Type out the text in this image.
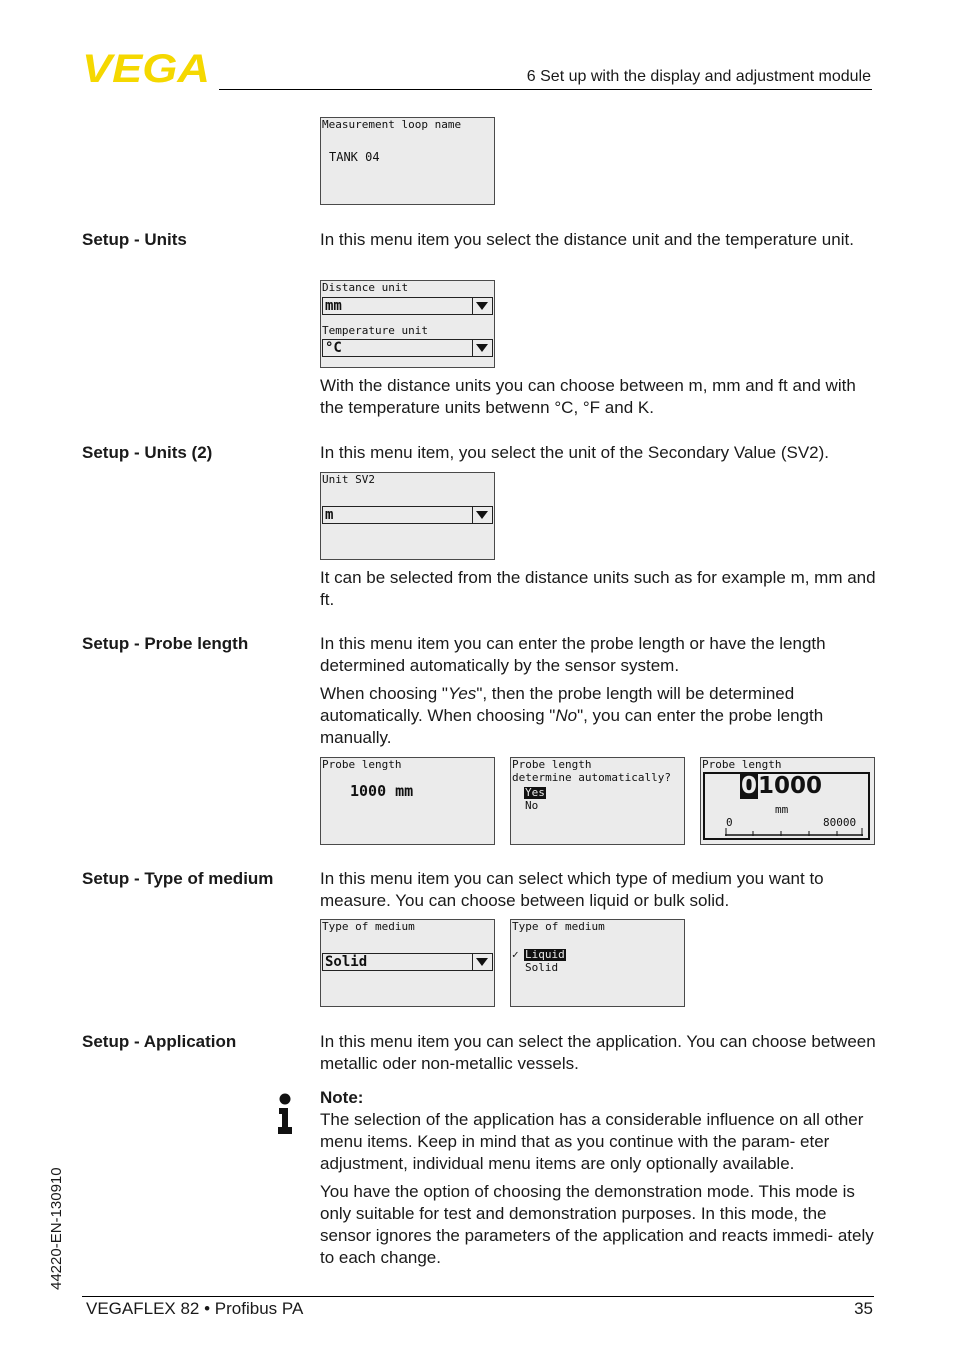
VEGA	6 Set up with the display and adjustment module
Measurement loop name
TANK 04
Setup - Units	In this menu item you select the distance unit and the temperature unit.
Distance unit
mm
Temperature unit
°C
With the distance units you can choose between m, mm and ft and with the temperature units betwenn °C, °F and K.
Setup - Units (2)	In this menu item, you select the unit of the Secondary Value (SV2).
Unit SV2
m
It can be selected from the distance units such as for example m, mm and ft.
Setup - Probe length	In this menu item you can enter the probe length or have the length determined automatically by the sensor system.
When choosing "Yes", then the probe length will be determined automatically. When choosing "No", you can enter the probe length manually.
Probe length
1000 mm
Probe length
determine automatically?
Yes
No
Probe length
0 1000
mm
0	80000
Setup - Type of medium	In this menu item you can select which type of medium you want to measure. You can choose between liquid or bulk solid.
Type of medium
Solid
Type of medium
✓ Liquid
Solid
Setup - Application	In this menu item you can select the application. You can choose between metallic oder non-metallic vessels.
Note:
The selection of the application has a considerable influence on all other menu items. Keep in mind that as you continue with the param- eter adjustment, individual menu items are only optionally available.
You have the option of choosing the demonstration mode. This mode is only suitable for test and demonstration purposes. In this mode, the sensor ignores the parameters of the application and reacts immedi- ately to each change.
44220-EN-130910
VEGAFLEX 82 • Profibus PA	35
